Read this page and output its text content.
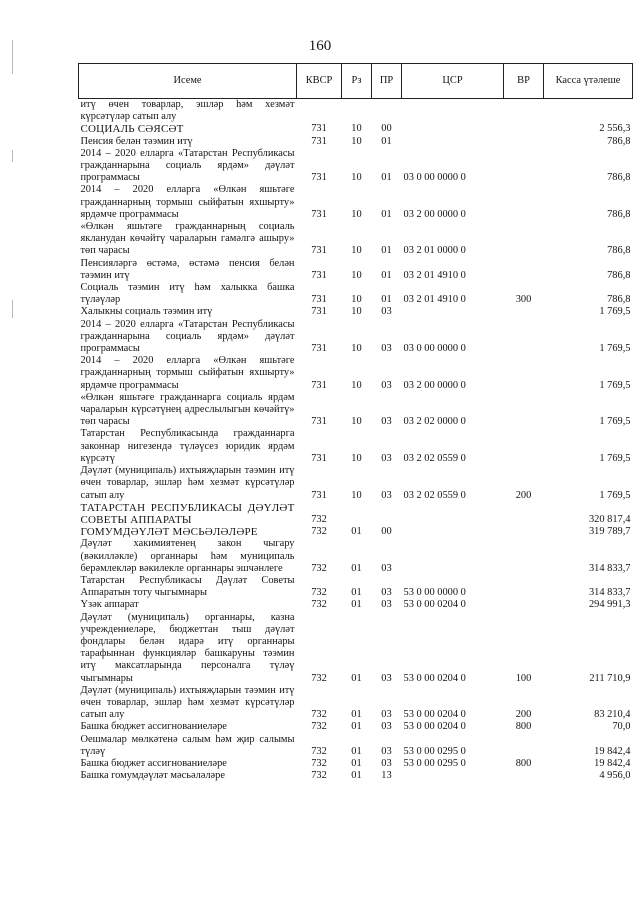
160
Исеме	КВСР	Рз	ПР	ЦСР	ВР	Касса үтәлеше
итү өчен товарлар, эшләр һәм хезмәт күрсәтүләр сатып алу						
СОЦИАЛЬ СӘЯСӘТ	731	10	00			2 556,3
Пенсия белән тәэмин итү	731	10	01			786,8
2014 – 2020 елларга «Татарстан Республикасы гражданнарына социаль ярдәм» дәүләт программасы	731	10	01	03 0 00 0000 0		786,8
2014 – 2020 елларга «Өлкән яшьтәге гражданнарның тормыш сыйфатын яхшырту» ярдәмче программасы	731	10	01	03 2 00 0000 0		786,8
«Өлкән яшьтәге гражданнарның социаль якланудан көчәйтү чараларын гамәлгә ашыру» төп чарасы	731	10	01	03 2 01 0000 0		786,8
Пенсияләргә өстәмә, өстәмә пенсия белән тәэмин итү	731	10	01	03 2 01 4910 0		786,8
Социаль тәэмин итү һәм халыкка башка түләүләр	731	10	01	03 2 01 4910 0	300	786,8
Халыкны социаль тәэмин итү	731	10	03			1 769,5
2014 – 2020 елларга «Татарстан Республикасы гражданнарына социаль ярдәм» дәүләт программасы	731	10	03	03 0 00 0000 0		1 769,5
2014 – 2020 елларга «Өлкән яшьтәге гражданнарның тормыш сыйфатын яхшырту» ярдәмче программасы	731	10	03	03 2 00 0000 0		1 769,5
«Өлкән яшьтәге гражданнарга социаль ярдәм чараларын күрсәтүнең адреслылыгын көчәйтү» төп чарасы	731	10	03	03 2 02 0000 0		1 769,5
Татарстан Республикасында гражданнарга законнар нигезендә түләүсез юридик ярдәм күрсәтү	731	10	03	03 2 02 0559 0		1 769,5
Дәүләт (муниципаль) ихтыяҗларын тәэмин итү өчен товарлар, эшләр һәм хезмәт күрсәтүләр сатып алу	731	10	03	03 2 02 0559 0	200	1 769,5
ТАТАРСТАН РЕСПУБЛИКАСЫ ДӘҮЛӘТ СОВЕТЫ АППАРАТЫ	732					320 817,4
ГОМУМДӘҮЛӘТ МӘСЬӘЛӘЛӘРЕ	732	01	00			319 789,7
Дәүләт хакимиятенең закон чыгару (вәкилләкле) органнары һәм муниципаль берәмлекләр вәкилекле органнары эшчәнлеге	732	01	03			314 833,7
Татарстан Республикасы Дәүләт Советы Аппаратын тоту чыгымнары	732	01	03	53 0 00 0000 0		314 833,7
Үзәк аппарат	732	01	03	53 0 00 0204 0		294 991,3
Дәүләт (муниципаль) органнары, казна учреждениеләре, бюджеттан тыш дәүләт фондлары белән идарә итү органнары тарафыннан функцияләр башкаруны тәэмин итү максатларында персоналга түләү чыгымнары	732	01	03	53 0 00 0204 0	100	211 710,9
Дәүләт (муниципаль) ихтыяҗларын тәэмин итү өчен товарлар, эшләр һәм хезмәт күрсәтүләр сатып алу	732	01	03	53 0 00 0204 0	200	83 210,4
Башка бюджет ассигнованиеләре	732	01	03	53 0 00 0204 0	800	70,0
Оешмалар мөлкәтенә салым һәм җир салымы түләү	732	01	03	53 0 00 0295 0		19 842,4
Башка бюджет ассигнованиеләре	732	01	03	53 0 00 0295 0	800	19 842,4
Башка гомумдәүләт мәсьәләләре	732	01	13			4 956,0
